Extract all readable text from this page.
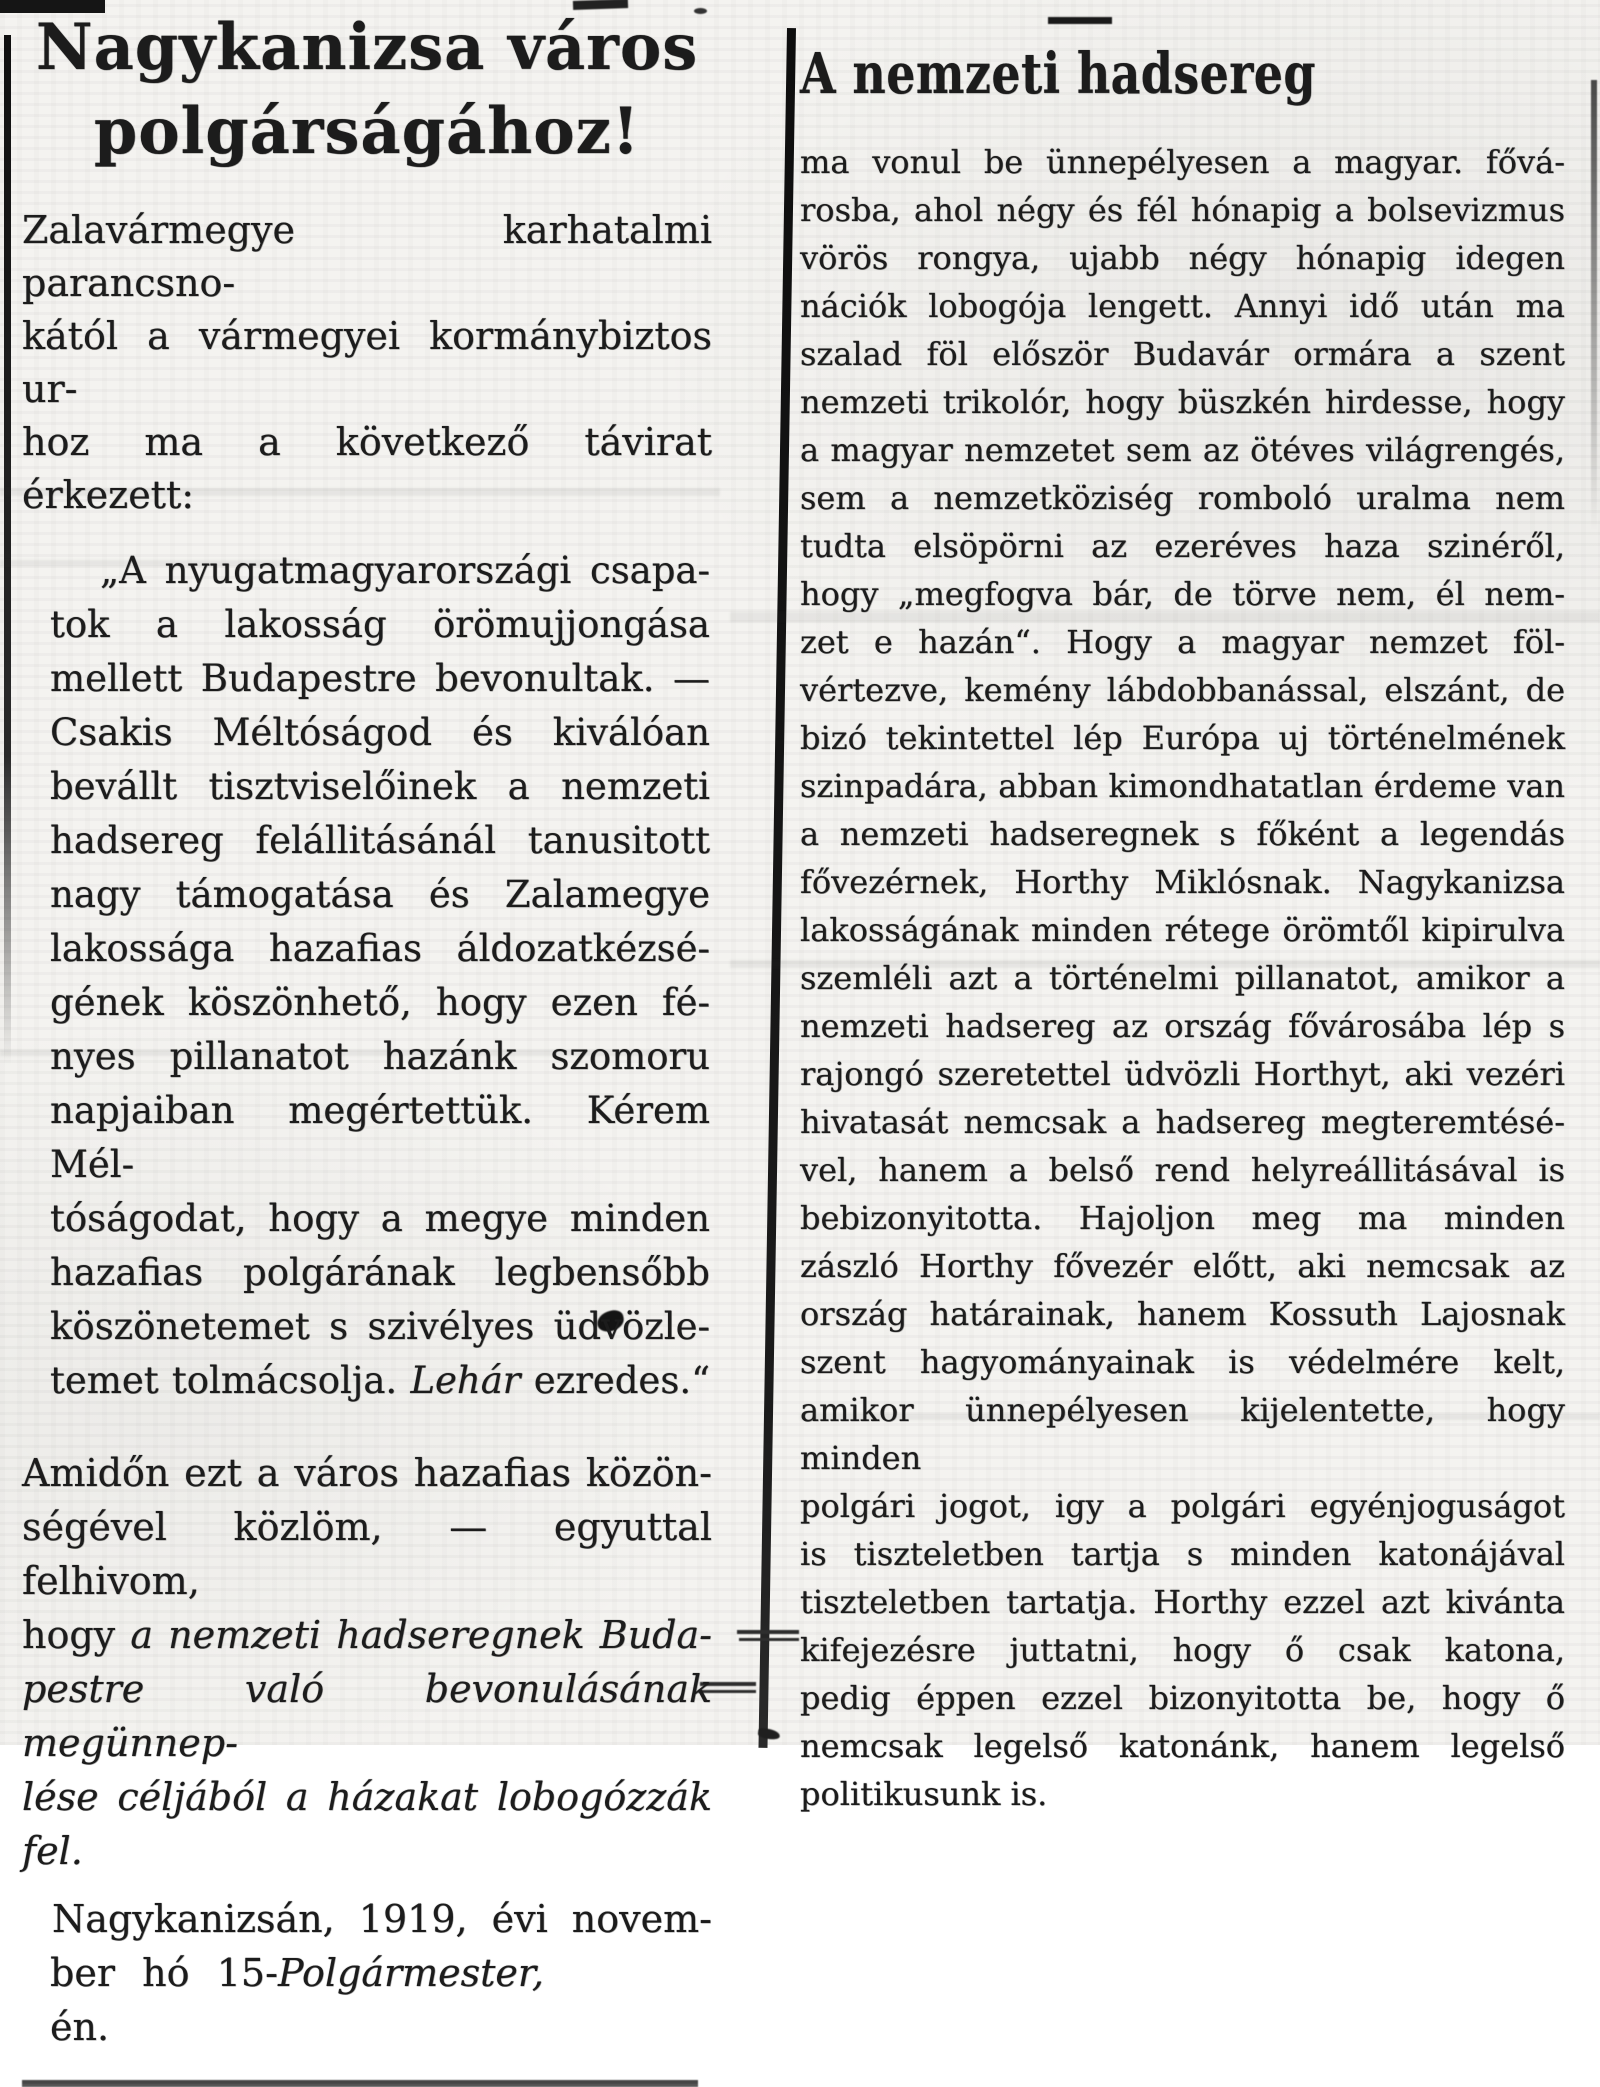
Nagykanizsa város
polgárságához!
Zalavármegye karhatalmi parancsno-
kától a vármegyei kormánybiztos ur-
hoz ma a következő távirat érkezett:
„A nyugatmagyarországi csapa-
tok a lakosság örömujjongása
mellett Budapestre bevonultak. —
Csakis Méltóságod és kiválóan
bevállt tisztviselőinek a nemzeti
hadsereg felállitásánál tanusitott
nagy támogatása és Zalamegye
lakossága hazafias áldozatkézsé-
gének köszönhető, hogy ezen fé-
nyes pillanatot hazánk szomoru
napjaiban megértettük. Kérem Mél-
tóságodat, hogy a megye minden
hazafias polgárának legbensőbb
köszönetemet s szivélyes üdvözle-
temet tolmácsolja. Lehár ezredes.“
Amidőn ezt a város hazafias közön-
ségével közlöm, — egyuttal felhivom,
hogy a nemzeti hadseregnek Buda-
pestre való bevonulásának megünnep-
lése céljából a házakat lobogózzák fel.
Nagykanizsán, 1919, évi novem-
ber hó 15-én.
Polgármester,
A nemzeti hadsereg
ma vonul be ünnepélyesen a magyar. fővá-
rosba, ahol négy és fél hónapig a bolsevizmus
vörös rongya, ujabb négy hónapig idegen
nációk lobogója lengett. Annyi idő után ma
szalad föl először Budavár ormára a szent
nemzeti trikolór, hogy büszkén hirdesse, hogy
a magyar nemzetet sem az ötéves világrengés,
sem a nemzetköziség romboló uralma nem
tudta elsöpörni az ezeréves haza szinéről,
hogy „megfogva bár, de törve nem, él nem-
zet e hazán“. Hogy a magyar nemzet föl-
vértezve, kemény lábdobbanással, elszánt, de
bizó tekintettel lép Európa uj történelmének
szinpadára, abban kimondhatatlan érdeme van
a nemzeti hadseregnek s főként a legendás
fővezérnek, Horthy Miklósnak. Nagykanizsa
lakosságának minden rétege örömtől kipirulva
szemléli azt a történelmi pillanatot, amikor a
nemzeti hadsereg az ország fővárosába lép s
rajongó szeretettel üdvözli Horthyt, aki vezéri
hivatasát nemcsak a hadsereg megteremtésé-
vel, hanem a belső rend helyreállitásával is
bebizonyitotta. Hajoljon meg ma minden
zászló Horthy fővezér előtt, aki nemcsak az
ország határainak, hanem Kossuth Lajosnak
szent hagyományainak is védelmére kelt,
amikor ünnepélyesen kijelentette, hogy minden
polgári jogot, igy a polgári egyénjoguságot
is tiszteletben tartja s minden katonájával
tiszteletben tartatja. Horthy ezzel azt kivánta
kifejezésre juttatni, hogy ő csak katona,
pedig éppen ezzel bizonyitotta be, hogy ő
nemcsak legelső katonánk, hanem legelső
politikusunk is.
